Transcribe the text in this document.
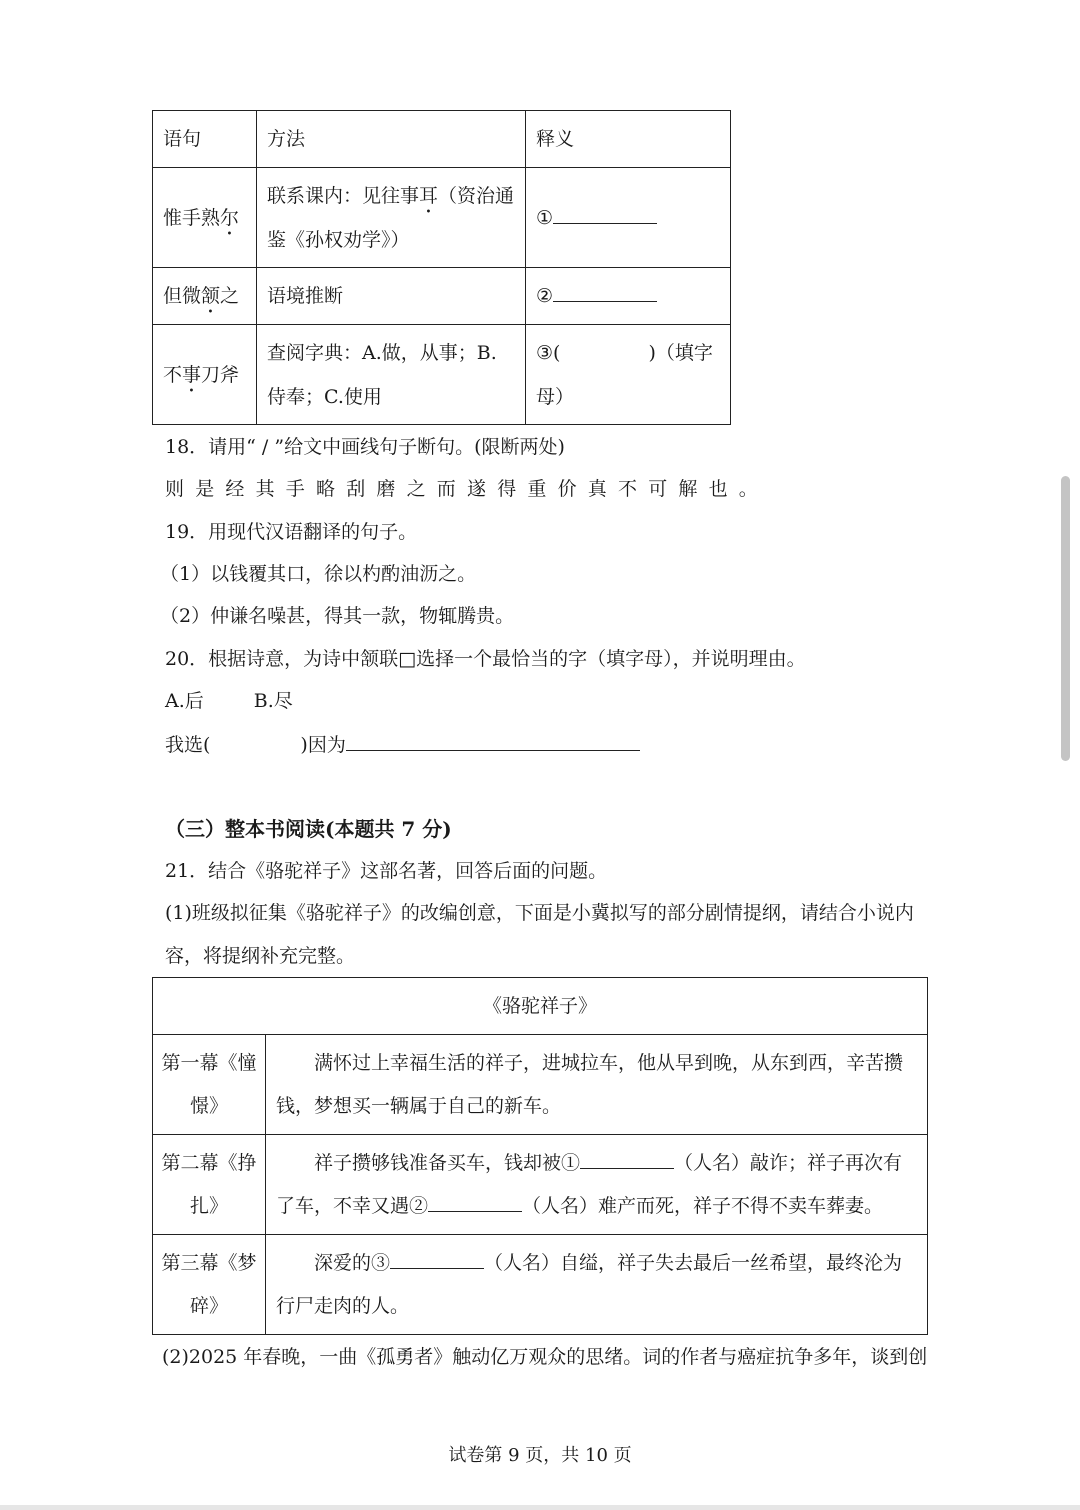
语句	方法	释义
惟手熟尔	联系课内：见往事耳（资治通鉴《孙权劝学》）	①
但微颔之	语境推断	②
不事刀斧	查阅字典：A.做，从事；B.侍奉；C.使用	③( )（填字母）
18．请用“ / ”给文中画线句子断句。(限断两处)
则是经其手略刮磨之而遂得重价真不可解也。
19．用现代汉语翻译的句子。
（1）以钱覆其口，徐以杓酌油沥之。
（2）仲谦名噪甚，得其一款，物辄腾贵。
20．根据诗意，为诗中颔联□选择一个最恰当的字（填字母），并说明理由。
A.后	B.尽
我选(	)因为
（三）整本书阅读(本题共 7 分)
21．结合《骆驼祥子》这部名著，回答后面的问题。
(1)班级拟征集《骆驼祥子》的改编创意，下面是小冀拟写的部分剧情提纲，请结合小说内
容，将提纲补充完整。
《骆驼祥子》	
第一幕《憧憬》	满怀过上幸福生活的祥子，进城拉车，他从早到晚，从东到西，辛苦攒钱，梦想买一辆属于自己的新车。
第二幕《挣扎》	祥子攒够钱准备买车，钱却被① （人名）敲诈；祥子再次有了车，不幸又遇② （人名）难产而死，祥子不得不卖车葬妻。
第三幕《梦碎》	深爱的③ （人名）自缢，祥子失去最后一丝希望，最终沦为行尸走肉的人。
(2)2025 年春晚，一曲《孤勇者》触动亿万观众的思绪。词的作者与癌症抗争多年，谈到创
试卷第 9 页，共 10 页
